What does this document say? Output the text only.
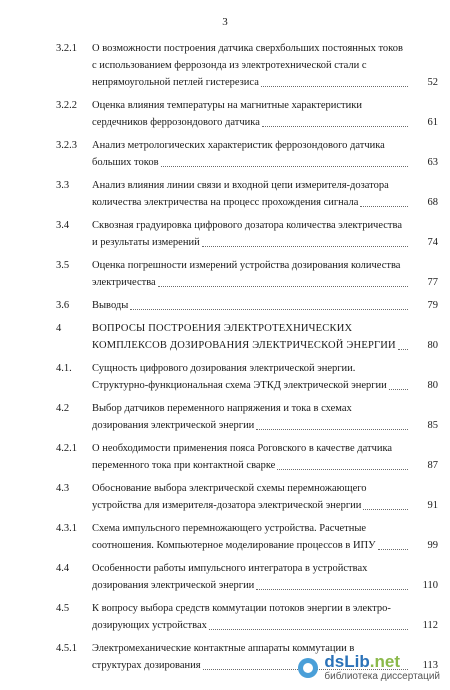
3
3.2.1 О возможности построения датчика сверхбольших постоянных токов
с использованием феррозонда из электротехнической стали с
непрямоугольной петлей гистерезиса	52
3.2.2 Оценка влияния температуры на магнитные характеристики
сердечников феррозондового датчика	61
3.2.3 Анализ метрологических характеристик феррозондового датчика
больших токов	63
3.3 Анализ влияния линии связи и входной цепи измерителя-дозатора
количества электричества на процесс прохождения сигнала	68
3.4 Сквозная градуировка цифрового дозатора количества электричества
и результаты измерений	74
3.5 Оценка погрешности измерений устройства дозирования количества
электричества	77
3.6 Выводы	79
4	ВОПРОСЫ ПОСТРОЕНИЯ ЭЛЕКТРОТЕХНИЧЕСКИХ
КОМПЛЕКСОВ ДОЗИРОВАНИЯ ЭЛЕКТРИЧЕСКОЙ ЭНЕРГИИ	80
4.1. Сущность цифрового дозирования электрической энергии.
Структурно-функциональная схема ЭТКД электрической энергии	80
4.2 Выбор датчиков переменного напряжения и тока в схемах
дозирования электрической энергии	85
4.2.1 О необходимости применения пояса Роговского в качестве датчика
переменного тока при контактной сварке	87
4.3 Обоснование выбора электрической схемы перемножающего
устройства для измерителя-дозатора электрической энергии	91
4.3.1 Схема импульсного перемножающего устройства. Расчетные
соотношения. Компьютерное моделирование процессов в ИПУ	99
4.4 Особенности работы импульсного интегратора в устройствах
дозирования электрической энергии	110
4.5 К вопросу выбора средств коммутации потоков энергии в электро-
дозирующих устройствах	112
4.5.1 Электромеханические контактные аппараты коммутации в
структурах дозирования	113
dsLib.net
библиотека диссертаций
